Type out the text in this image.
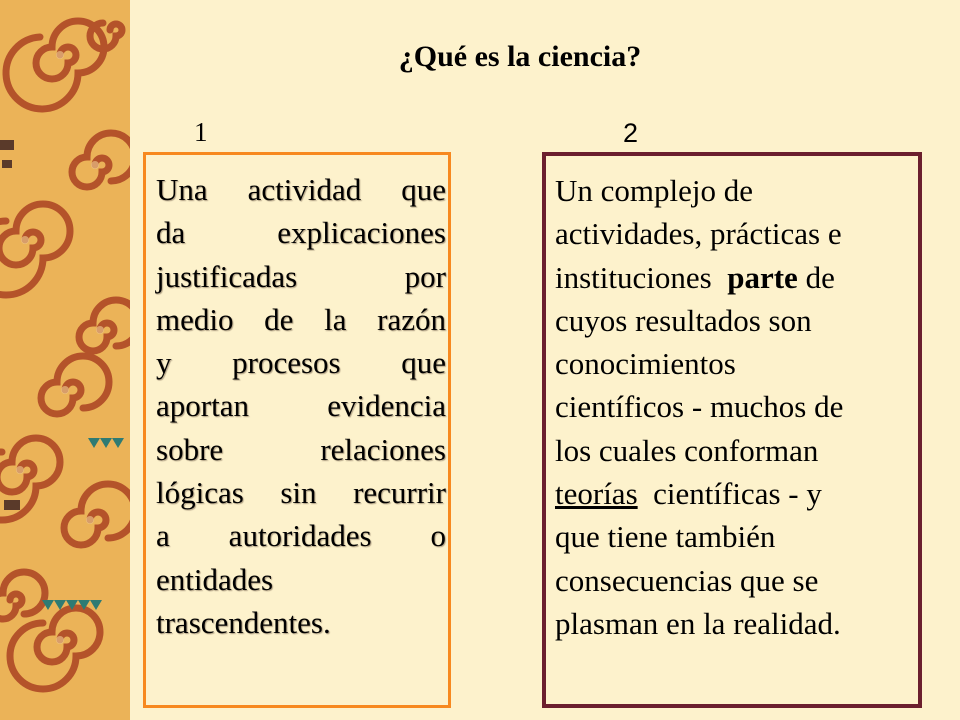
¿Qué es la ciencia?
1	2
Una actividad que
da explicaciones
justificadas por
medio de la razón
y procesos que
aportan evidencia
sobre relaciones
lógicas sin recurrir
a autoridades o
entidades
trascendentes.
Un complejo de
actividades, prácticas e
instituciones parte de
cuyos resultados son
conocimientos
científicos - muchos de
los cuales conforman
teorías científicas - y
que tiene también
consecuencias que se
plasman en la realidad.
